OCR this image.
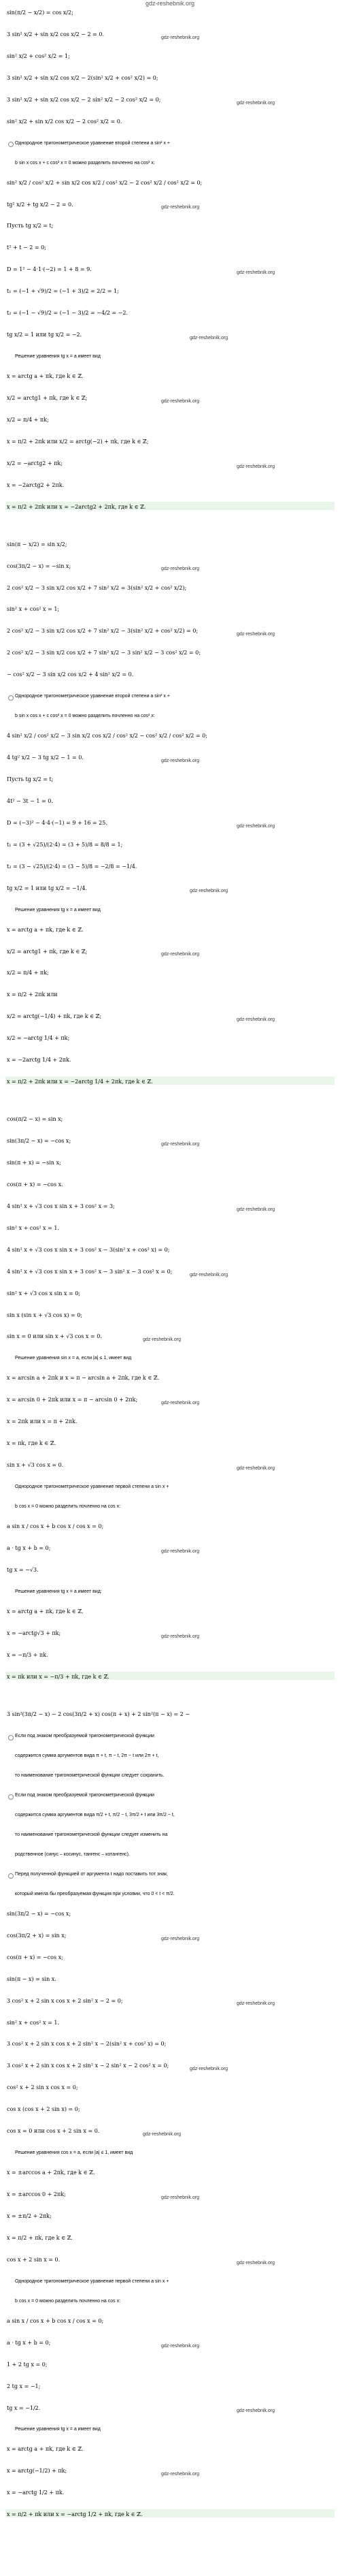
gdz-reshebnik.org
sin(π/2 − x/2) = cos x/2;
3 sin² x/2 + sin x/2 cos x/2 − 2 = 0.
gdz-reshebnik.org
sin² x/2 + cos² x/2 = 1;
3 sin² x/2 + sin x/2 cos x/2 − 2(sin² x/2 + cos² x/2) = 0;
3 sin² x/2 + sin x/2 cos x/2 − 2 sin² x/2 − 2 cos² x/2 = 0;
gdz-reshebnik.org
sin² x/2 + sin x/2 cos x/2 − 2 cos² x/2 = 0.
Однородное тригонометрическое уравнение второй степени a sin² x +
b sin x cos x + c cos² x = 0 можно разделить почленно на cos² x:
sin² x/2 / cos² x/2 + sin x/2 cos x/2 / cos² x/2 − 2 cos² x/2 / cos² x/2 = 0;
tg² x/2 + tg x/2 − 2 = 0.	gdz-reshebnik.org
Пусть tg x/2 = t;
t² + t − 2 = 0;
D = 1² − 4·1·(−2) = 1 + 8 = 9.
gdz-reshebnik.org
t₁ = (−1 + √9)/2 = (−1 + 3)/2 = 2/2 = 1;
t₂ = (−1 − √9)/2 = (−1 − 3)/2 = −4/2 = −2.
tg x/2 = 1 или tg x/2 = −2.
gdz-reshebnik.org
Решение уравнения tg x = a имеет вид
x = arctg a + πk, где k ∈ ℤ.
x/2 = arctg1 + πk, где k ∈ ℤ;
gdz-reshebnik.org
x/2 = π/4 + πk;
x = π/2 + 2πk или x/2 = arctg(−2) + πk, где k ∈ ℤ;
x/2 = −arctg2 + πk;
gdz-reshebnik.org
x = −2arctg2 + 2πk.
x = π/2 + 2πk или x = −2arctg2 + 2πk, где k ∈ ℤ.
sin(π − x/2) = sin x/2;
cos(3π/2 − x) = −sin x;	gdz-reshebnik.org
2 cos² x/2 − 3 sin x/2 cos x/2 + 7 sin² x/2 = 3(sin² x/2 + cos² x/2);
sin² x + cos² x = 1;
2 cos² x/2 − 3 sin x/2 cos x/2 + 7 sin² x/2 − 3(sin² x/2 + cos² x/2) = 0;
gdz-reshebnik.org
2 cos² x/2 − 3 sin x/2 cos x/2 + 7 sin² x/2 − 3 sin² x/2 − 3 cos² x/2 = 0;
− cos² x/2 − 3 sin x/2 cos x/2 + 4 sin² x/2 = 0.
Однородное тригонометрическое уравнение второй степени a sin² x +
b sin x cos x + c cos² x = 0 можно разделить почленно на cos² x:
4 sin² x/2 / cos² x/2 − 3 sin x/2 cos x/2 / cos² x/2 − cos² x/2 / cos² x/2 = 0;
4 tg² x/2 − 3 tg x/2 − 1 = 0.
gdz-reshebnik.org
Пусть tg x/2 = t;
4t² − 3t − 1 = 0.
D = (−3)² − 4·4·(−1) = 9 + 16 = 25.
gdz-reshebnik.org
t₁ = (3 + √25)/(2·4) = (3 + 5)/8 = 8/8 = 1;
t₂ = (3 − √25)/(2·4) = (3 − 5)/8 = −2/8 = −1/4.
tg x/2 = 1 или tg x/2 = −1/4.	gdz-reshebnik.org
Решение уравнения tg x = a имеет вид
x = arctg a + πk, где k ∈ ℤ.
x/2 = arctg1 + πk, где k ∈ ℤ;	gdz-reshebnik.org
x/2 = π/4 + πk;
x = π/2 + 2πk или
x/2 = arctg(−1/4) + πk, где k ∈ ℤ;
gdz-reshebnik.org
x/2 = −arctg 1/4 + πk;
x = −2arctg 1/4 + 2πk.
x = π/2 + 2πk или x = −2arctg 1/4 + 2πk, где k ∈ ℤ.
cos(π/2 − x) = sin x;
sin(3π/2 − x) = −cos x;
gdz-reshebnik.org
sin(π + x) = −sin x;
cos(π + x) = −cos x.
4 sin² x + √3 cos x sin x + 3 cos² x = 3;
gdz-reshebnik.org
sin² x + cos² x = 1.
4 sin² x + √3 cos x sin x + 3 cos² x − 3(sin² x + cos² x) = 0;
4 sin² x + √3 cos x sin x + 3 cos² x − 3 sin² x − 3 cos² x = 0;
gdz-reshebnik.org
sin² x + √3 cos x sin x = 0;
sin x (sin x + √3 cos x) = 0;
sin x = 0 или sin x + √3 cos x = 0.
gdz-reshebnik.org
Решение уравнения sin x = a, если |a| ≤ 1, имеет вид
x = arcsin a + 2πk и x = π − arcsin a + 2πk, где k ∈ ℤ.
x = arcsin 0 + 2πk или x = π − arcsin 0 + 2πk;
gdz-reshebnik.org
x = 2πk или x = π + 2πk.
x = πk, где k ∈ ℤ.
sin x + √3 cos x = 0.
gdz-reshebnik.org
Однородное тригонометрическое уравнение первой степени a sin x +
b cos x = 0 можно разделить почленно на cos x:
a sin x / cos x + b cos x / cos x = 0;
a · tg x + b = 0;
gdz-reshebnik.org
tg x = −√3.
Решение уравнения tg x = a имеет вид:
x = arctg a + πk, где k ∈ ℤ.
x = −arctg√3 + πk;
gdz-reshebnik.org
x = −π/3 + πk.
x = πk или x = −π/3 + πk, где k ∈ ℤ.
3 sin²(3π/2 − x) − 2 cos(3π/2 + x) cos(π + x) + 2 sin²(π − x) = 2 −
Если под знаком преобразуемой тригонометрической функции
содержится сумма аргументов вида π + t, π − t, 2π − t или 2π + t,
то наименование тригонометрической функции следует сохранить.
Если под знаком преобразуемой тригонометрической функции
содержится сумма аргументов вида π/2 + t, π/2 − t, 3π/2 + t или 3π/2 − t,
то наименование тригонометрической функции следует изменить на
родственное (синус – косинус, тангенс – котангенс).
Перед полученной функцией от аргумента t надо поставить тот знак,
который имела бы преобразуемая функция при условии, что 0 < t < π/2.
sin(3π/2 − x) = −cos x;
cos(3π/2 + x) = sin x;
gdz-reshebnik.org
cos(π + x) = −cos x;
sin(π − x) = sin x.
3 cos² x + 2 sin x cos x + 2 sin² x − 2 = 0;	gdz-reshebnik.org
sin² x + cos² x = 1.
3 cos² x + 2 sin x cos x + 2 sin² x − 2(sin² x + cos² x) = 0;
3 cos² x + 2 sin x cos x + 2 sin² x − 2 sin² x − 2 cos² x = 0;
gdz-reshebnik.org
cos² x + 2 sin x cos x = 0;
cos x (cos x + 2 sin x) = 0;
cos x = 0 или cos x + 2 sin x = 0.
gdz-reshebnik.org
Решение уравнения cos x = a, если |a| ≤ 1, имеет вид
x = ±arccos a + 2πk, где k ∈ ℤ.
x = ±arccos 0 + 2πk;
gdz-reshebnik.org
x = ±π/2 + 2πk;
x = π/2 + πk, где k ∈ ℤ.
cos x + 2 sin x = 0.
gdz-reshebnik.org
Однородное тригонометрическое уравнение первой степени a sin x +
b cos x = 0 можно разделить почленно на cos x:
a sin x / cos x + b cos x / cos x = 0;
a · tg x + b = 0;
gdz-reshebnik.org
1 + 2 tg x = 0;
2 tg x = −1;
tg x = −1/2.	gdz-reshebnik.org
Решение уравнения tg x = a имеет вид
x = arctg a + πk, где k ∈ ℤ.
x = arctg(−1/2) + πk;
gdz-reshebnik.org
x = −arctg 1/2 + πk.
x = π/2 + πk или x = −arctg 1/2 + πk, где k ∈ ℤ.
